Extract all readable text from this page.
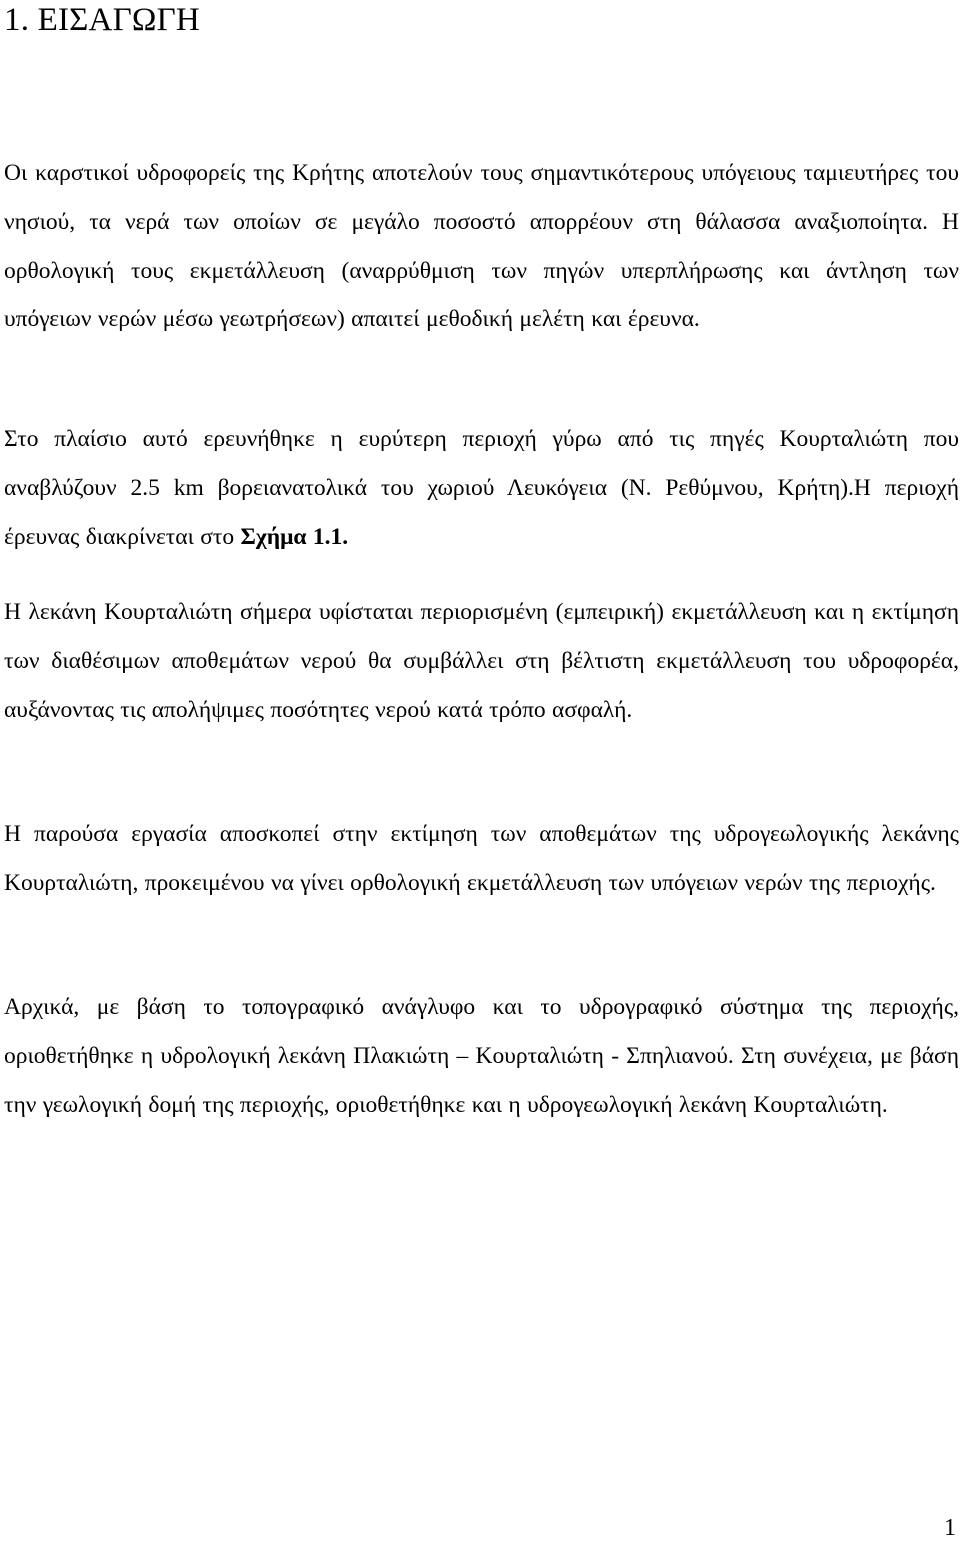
1. ΕΙΣΑΓΩΓΗ

Οι καρστικοί υδροφορείς της Κρήτης αποτελούν τους σημαντικότερους υπόγειους ταμιευτήρες του νησιού, τα νερά των οποίων σε μεγάλο ποσοστό απορρέουν στη θάλασσα αναξιοποίητα. Η ορθολογική τους εκμετάλλευση (αναρρύθμιση των πηγών υπερπλήρωσης και άντληση των υπόγειων νερών μέσω γεωτρήσεων) απαιτεί μεθοδική μελέτη και έρευνα.

Στο πλαίσιο αυτό ερευνήθηκε η ευρύτερη περιοχή γύρω από τις πηγές Κουρταλιώτη που αναβλύζουν 2.5 km βορειανατολικά του χωριού Λευκόγεια (Ν. Ρεθύμνου, Κρήτη).Η περιοχή έρευνας διακρίνεται στο Σχήμα 1.1.

Η λεκάνη Κουρταλιώτη σήμερα υφίσταται περιορισμένη (εμπειρική) εκμετάλλευση και η εκτίμηση των διαθέσιμων αποθεμάτων νερού θα συμβάλλει στη βέλτιστη εκμετάλλευση του υδροφορέα, αυξάνοντας τις απολήψιμες ποσότητες νερού κατά τρόπο ασφαλή.

Η παρούσα εργασία αποσκοπεί στην εκτίμηση των αποθεμάτων της υδρογεωλογικής λεκάνης Κουρταλιώτη, προκειμένου να γίνει ορθολογική εκμετάλλευση των υπόγειων νερών της περιοχής.

Αρχικά, με βάση το τοπογραφικό ανάγλυφο και το υδρογραφικό σύστημα της περιοχής, οριοθετήθηκε η υδρολογική λεκάνη Πλακιώτη – Κουρταλιώτη - Σπηλιανού. Στη συνέχεια, με βάση την γεωλογική δομή της περιοχής, οριοθετήθηκε και η υδρογεωλογική λεκάνη Κουρταλιώτη.

1
